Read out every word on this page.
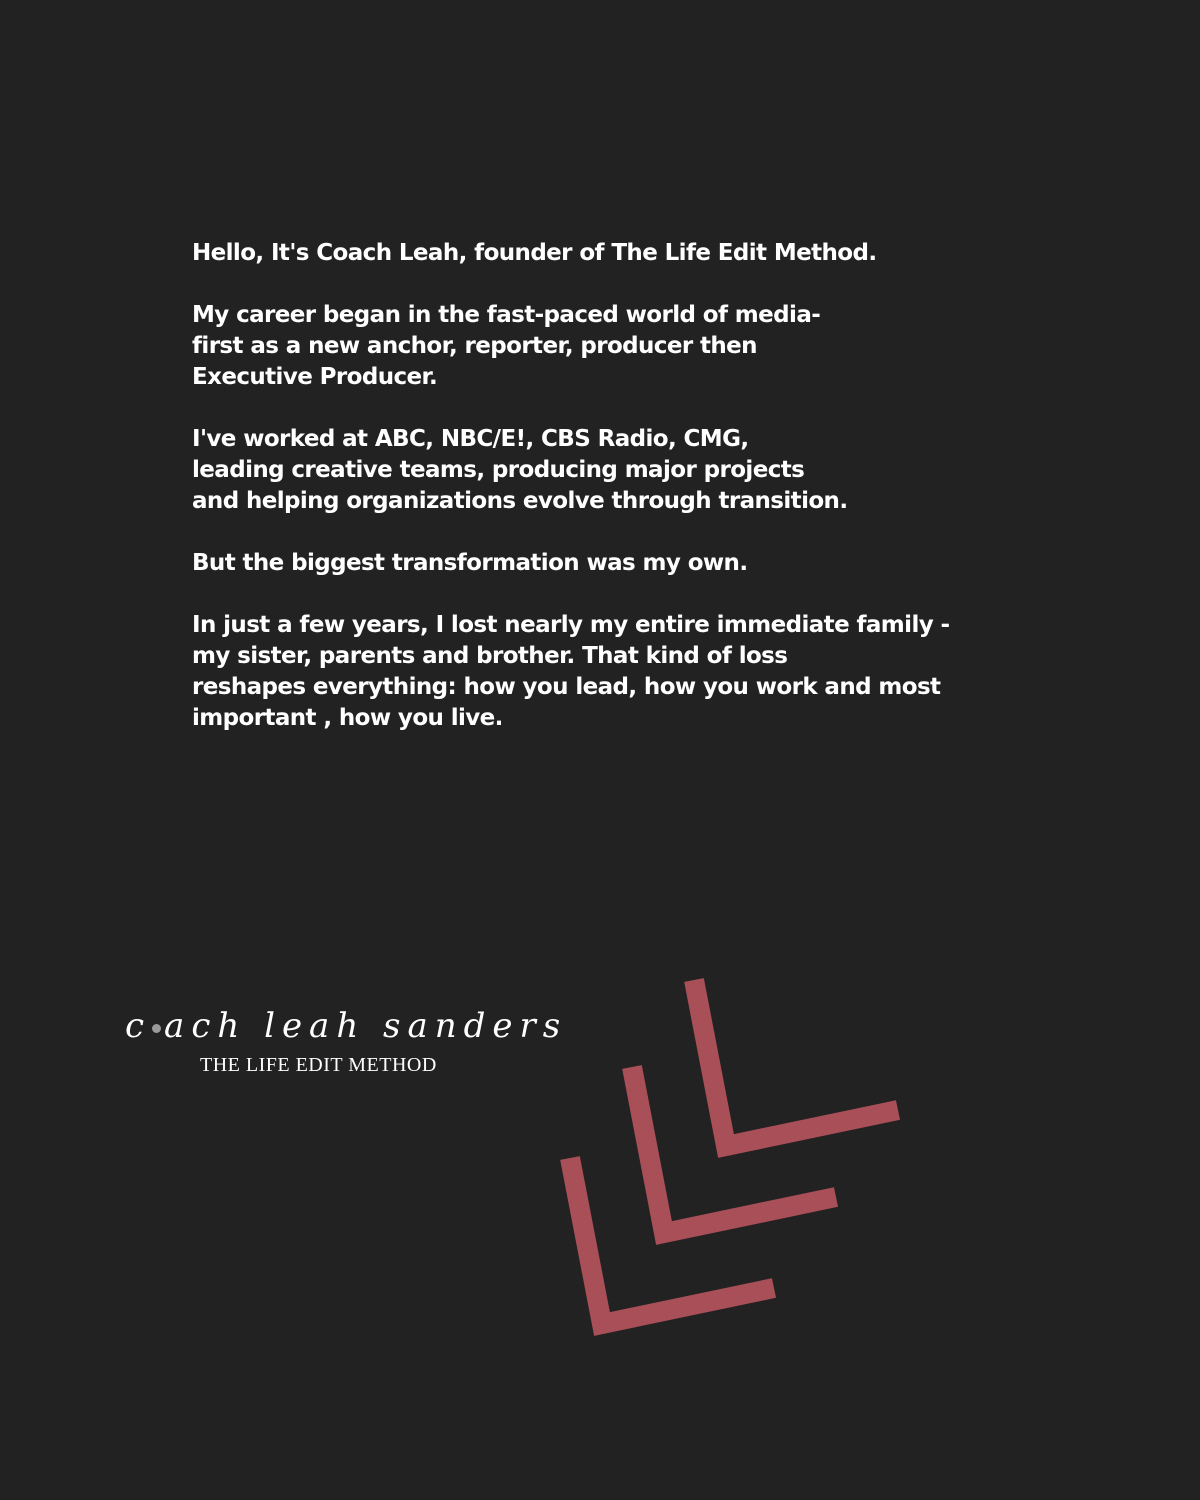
Hello, It's Coach Leah, founder of The Life Edit Method.

My career began in the fast-paced world of media-
first as a new anchor, reporter, producer then
Executive Producer.

I've worked at ABC, NBC/E!, CBS Radio, CMG,
leading creative teams, producing major projects
and helping organizations evolve through transition.

But the biggest transformation was my own.

In just a few years, I lost nearly my entire immediate family -
my sister, parents and brother. That kind of loss
reshapes everything: how you lead, how you work and most
important , how you live.

c ach leah sanders
THE LIFE EDIT METHOD
